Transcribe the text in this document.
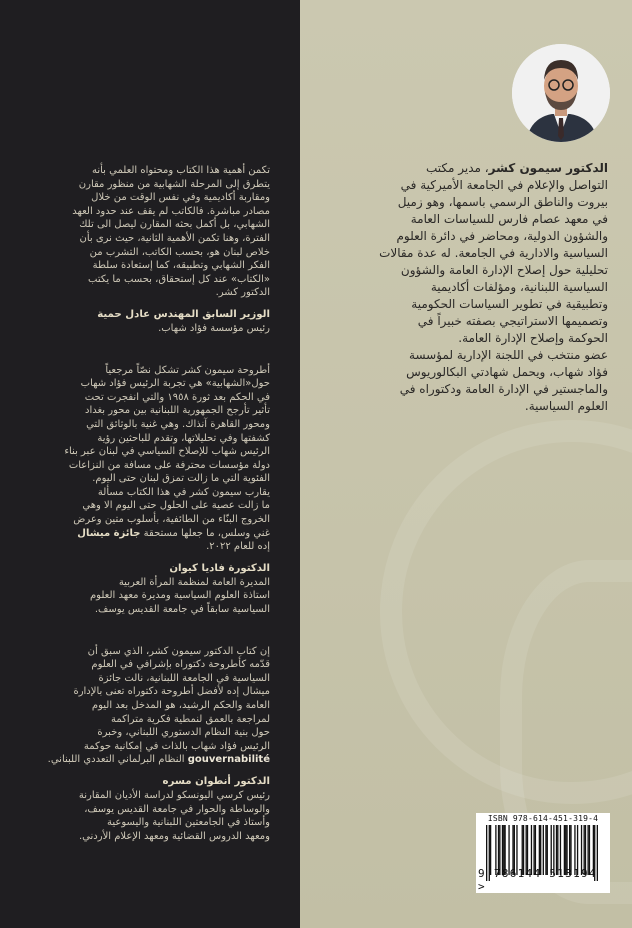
الدكتور سيمون كشر، مدير مكتب
التواصل والإعلام في الجامعة الأميركية في
بيروت والناطق الرسمي باسمها، وهو زميل
في معهد عصام فارس للسياسات العامة
والشؤون الدولية، ومحاضر في دائرة العلوم
السياسية والادارية في الجامعة. له عدة مقالات
تحليلية حول إصلاح الإدارة العامة والشؤون
السياسية اللبنانية، ومؤلفات أكاديمية
وتطبيقية في تطوير السياسات الحكومية
وتصميمها الاستراتيجي بصفته خبيراً في
الحوكمة وإصلاح الإدارة العامة.
عضو منتخب في اللجنة الإدارية لمؤسسة
فؤاد شهاب، ويحمل شهادتي البكالوريوس
والماجستير في الإدارة العامة ودكتوراه في
العلوم السياسية.
تكمن أهمية هذا الكتاب ومحتواه العلمي بأنه
يتطرق إلى المرحلة الشهابية من منظور مقارن
ومقاربة أكاديمية وفي نفس الوقت من خلال
مصادر مباشرة. فالكاتب لم يقف عند حدود العهد
الشهابي، بل أكمل بحثه المقارن ليصل الى تلك
الفترة، وهنا تكمن الأهمية الثانية، حيث نرى بأن
خلاص لبنان هو، بحسب الكاتب، التشرب من
الفكر الشهابي وتطبيقه، كما إستعادة سلطة
«الكتاب» عند كل إستحقاق، بحسب ما يكتب
الدكتور كشر.
الوزير السابق المهندس عادل حمية
رئيس مؤسسة فؤاد شهاب.
أطروحة سيمون كشر تشكل نصّاً مرجعياً
حول«الشهابية» هي تجربة الرئيس فؤاد شهاب
في الحكم بعد ثورة ١٩٥٨ والتي انفجرت تحت
تأثير تأرجح الجمهورية اللبنانية بين محور بغداد
ومحور القاهرة آنذاك. وهي غنية بالوثائق التي
كشفتها وفي تحليلاتها، وتقدم للباحثين رؤية
الرئيس شهاب للإصلاح السياسي في لبنان عبر بناء
دولة مؤسسات محترفة على مسافة من النزاعات
الفئوية التي ما زالت تمزق لبنان حتى اليوم.
يقارب سيمون كشر في هذا الكتاب مسألة
ما زالت عصية على الحلول حتى اليوم الا وهي
الخروج البنّاء من الطائفية، بأسلوب متين وعرض
غني وسلس، ما جعلها مستحقة جائزة ميشال
إده للعام ٢٠٢٢.
الدكتورة فاديا كيوان
المديرة العامة لمنظمة المرأة العربية
استاذة العلوم السياسية ومديرة معهد العلوم
السياسية سابقاً في جامعة القديس يوسف.
إن كتاب الدكتور سيمون كشر، الذي سبق أن
قدّمه كأطروحة دكتوراه بإشرافي في العلوم
السياسية في الجامعة اللبنانية، نالت جائزة
ميشال إده لأفضل أطروحة دكتوراه تعنى بالإدارة
العامة والحكم الرشيد، هو المدخل بعد اليوم
لمراجعة بالعمق لنمطية فكرية متراكمة
حول بنية النظام الدستوري اللبناني، وخبرة
الرئيس فؤاد شهاب بالذات في إمكانية حوكمة
gouvernabilité النظام البرلماني التعددي اللبناني.
الدكتور أنطوان مسره
رئيس كرسي اليونسكو لدراسة الأديان المقارنة
والوساطة والحوار في جامعة القديس يوسف،
وأستاذ في الجامعتين اللبنانية واليسوعية
ومعهد الدروس القضائية ومعهد الإعلام الأردني.
ISBN 978-614-451-319-4
9 786144 513194 >
